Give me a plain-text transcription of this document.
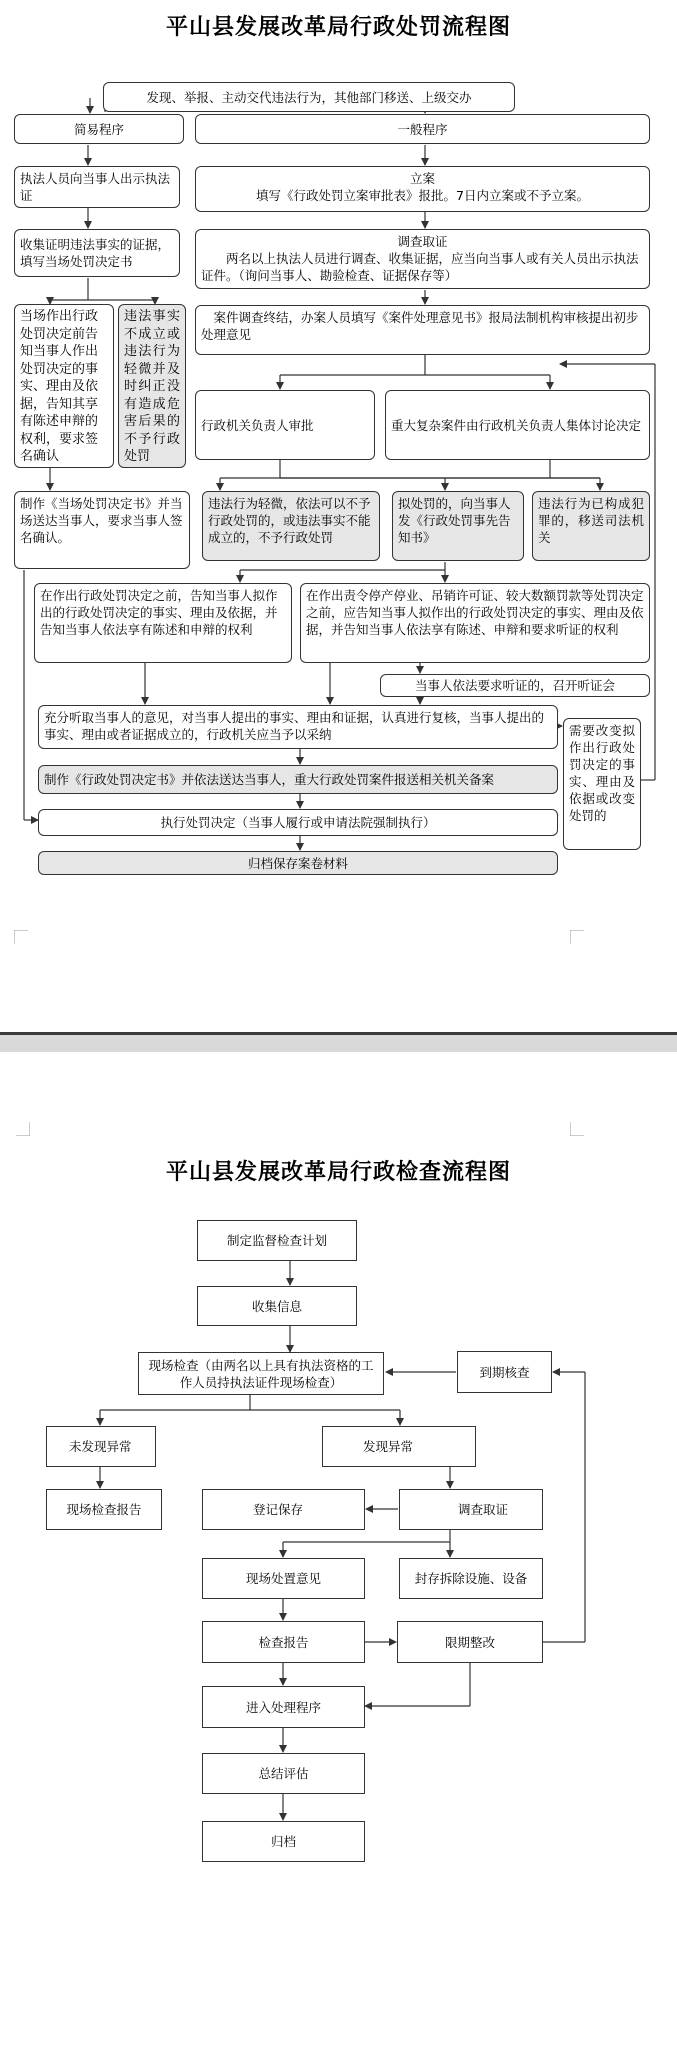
平山县发展改革局行政处罚流程图
发现、举报、主动交代违法行为，其他部门移送、上级交办
简易程序	一般程序
执法人员向当事人出示执法证
收集证明违法事实的证据，填写当场处罚决定书
当场作出行政处罚决定前告知当事人作出处罚决定的事实、理由及依据，告知其享有陈述申辩的权利，要求签名确认
违法事实不成立或违法行为轻微并及时纠正没有造成危害后果的不予行政处罚
制作《当场处罚决定书》并当场送达当事人，要求当事人签名确认。
立案
填写《行政处罚立案审批表》报批。7日内立案或不予立案。
调查取证
两名以上执法人员进行调查、收集证据，应当向当事人或有关人员出示执法证件。（询问当事人、勘验检查、证据保存等）
案件调查终结，办案人员填写《案件处理意见书》报局法制机构审核提出初步处理意见
行政机关负责人审批	重大复杂案件由行政机关负责人集体讨论决定
违法行为轻微，依法可以不予行政处罚的，或违法事实不能成立的，不予行政处罚
拟处罚的，向当事人发《行政处罚事先告知书》
违法行为已构成犯罪的，移送司法机关
在作出行政处罚决定之前，告知当事人拟作出的行政处罚决定的事实、理由及依据，并告知当事人依法享有陈述和申辩的权利
在作出责令停产停业、吊销许可证、较大数额罚款等处罚决定之前，应告知当事人拟作出的行政处罚决定的事实、理由及依据，并告知当事人依法享有陈述、申辩和要求听证的权利
当事人依法要求听证的，召开听证会
充分听取当事人的意见，对当事人提出的事实、理由和证据，认真进行复核，当事人提出的事实、理由或者证据成立的，行政机关应当予以采纳	需要改变拟作出行政处罚决定的事实、理由及依据或改变处罚的
制作《行政处罚决定书》并依法送达当事人，重大行政处罚案件报送相关机关备案
执行处罚决定（当事人履行或申请法院强制执行）
归档保存案卷材料
平山县发展改革局行政检查流程图
制定监督检查计划
收集信息
现场检查（由两名以上具有执法资格的工作人员持执法证件现场检查）
到期核查
未发现异常	发现异常
现场检查报告	登记保存	调查取证
现场处置意见	封存拆除设施、设备
检查报告	限期整改
进入处理程序
总结评估
归档
